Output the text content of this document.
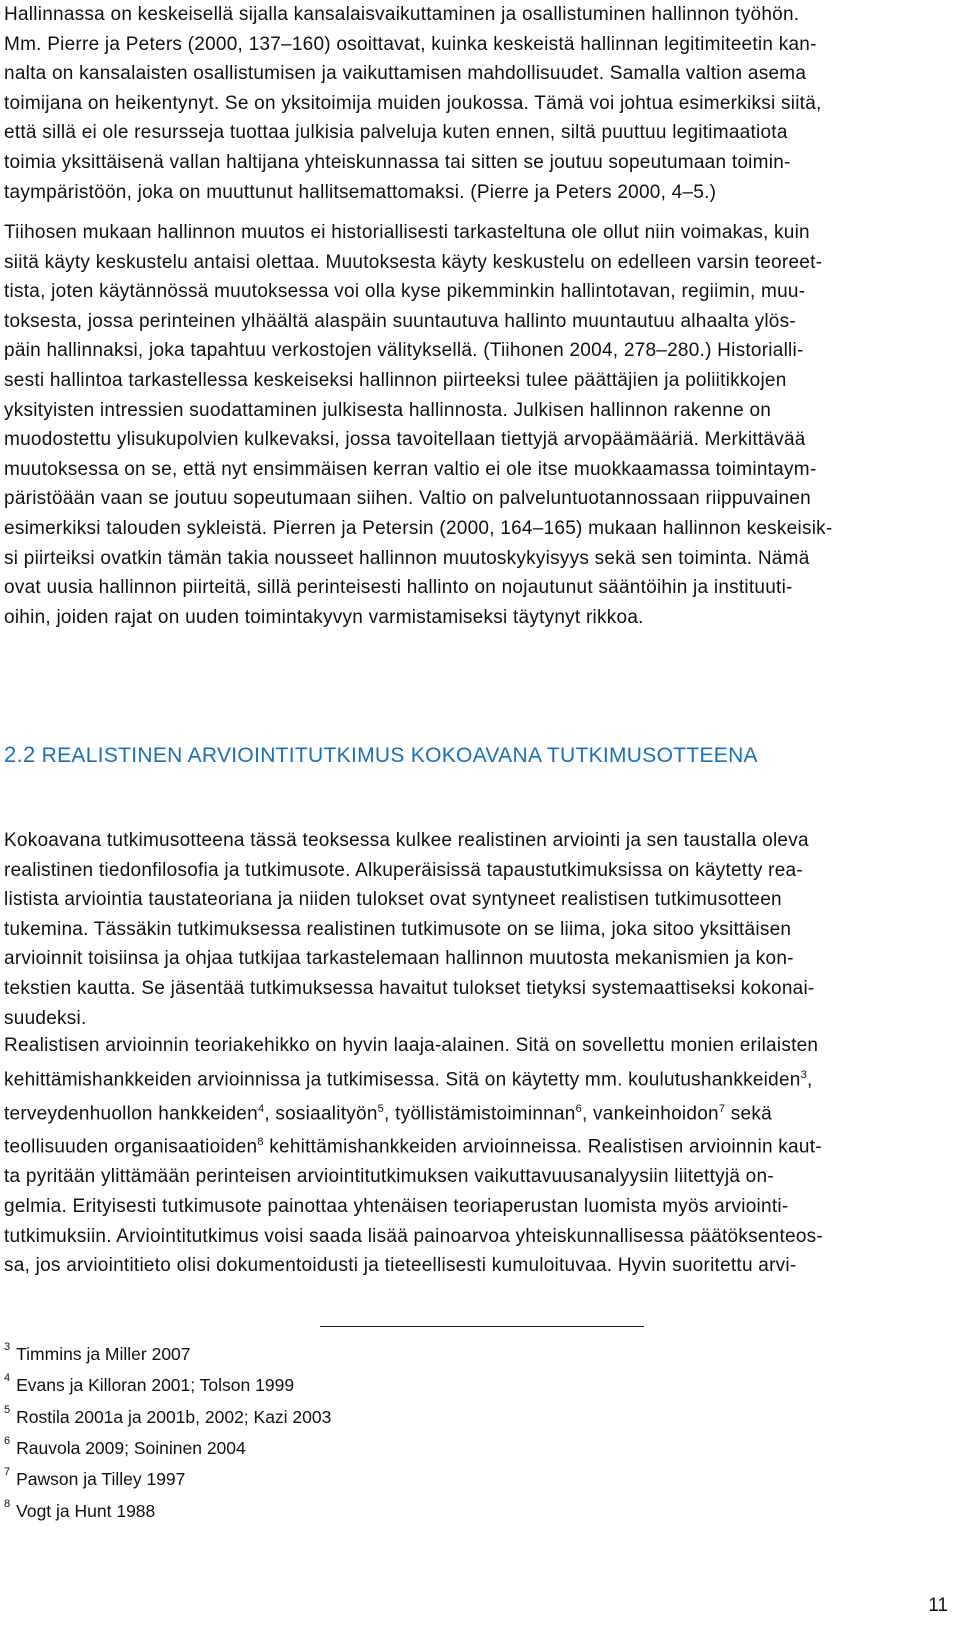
Hallinnassa on keskeisellä sijalla kansalaisvaikuttaminen ja osallistuminen hallinnon työhön.
Mm. Pierre ja Peters (2000, 137–160) osoittavat, kuinka keskeistä hallinnan legitimiteetin kan-
nalta on kansalaisten osallistumisen ja vaikuttamisen mahdollisuudet. Samalla valtion asema
toimijana on heikentynyt. Se on yksitoimija muiden joukossa. Tämä voi johtua esimerkiksi siitä,
että sillä ei ole resursseja tuottaa julkisia palveluja kuten ennen, siltä puuttuu legitimaatiota
toimia yksittäisenä vallan haltijana yhteiskunnassa tai sitten se joutuu sopeutumaan toimin-
taympäristöön, joka on muuttunut hallitsemattomaksi. (Pierre ja Peters 2000, 4–5.)
Tiihosen mukaan hallinnon muutos ei historiallisesti tarkasteltuna ole ollut niin voimakas, kuin
siitä käyty keskustelu antaisi olettaa. Muutoksesta käyty keskustelu on edelleen varsin teoreet-
tista, joten käytännössä muutoksessa voi olla kyse pikemminkin hallintotavan, regiimin, muu-
toksesta, jossa perinteinen ylhäältä alaspäin suuntautuva hallinto muuntautuu alhaalta ylös-
päin hallinnaksi, joka tapahtuu verkostojen välityksellä. (Tiihonen 2004, 278–280.) Historialli-
sesti hallintoa tarkastellessa keskeiseksi hallinnon piirteeksi tulee päättäjien ja poliitikkojen
yksityisten intressien suodattaminen julkisesta hallinnosta. Julkisen hallinnon rakenne on
muodostettu ylisukupolvien kulkevaksi, jossa tavoitellaan tiettyjä arvopäämääriä. Merkittävää
muutoksessa on se, että nyt ensimmäisen kerran valtio ei ole itse muokkaamassa toimintaym-
päristöään vaan se joutuu sopeutumaan siihen. Valtio on palveluntuotannossaan riippuvainen
esimerkiksi talouden sykleistä. Pierren ja Petersin (2000, 164–165) mukaan hallinnon keskeisik-
si piirteiksi ovatkin tämän takia nousseet hallinnon muutoskykyisyys sekä sen toiminta. Nämä
ovat uusia hallinnon piirteitä, sillä perinteisesti hallinto on nojautunut sääntöihin ja instituuti-
oihin, joiden rajat on uuden toimintakyvyn varmistamiseksi täytynyt rikkoa.
2.2 REALISTINEN ARVIOINTITUTKIMUS KOKOAVANA TUTKIMUSOTTEENA
Kokoavana tutkimusotteena tässä teoksessa kulkee realistinen arviointi ja sen taustalla oleva
realistinen tiedonfilosofia ja tutkimusote. Alkuperäisissä tapaustutkimuksissa on käytetty rea-
listista arviointia taustateoriana ja niiden tulokset ovat syntyneet realistisen tutkimusotteen
tukemina. Tässäkin tutkimuksessa realistinen tutkimusote on se liima, joka sitoo yksittäisen
arvioinnit toisiinsa ja ohjaa tutkijaa tarkastelemaan hallinnon muutosta mekanismien ja kon-
tekstien kautta. Se jäsentää tutkimuksessa havaitut tulokset tietyksi systemaattiseksi kokonai-
suudeksi.
Realistisen arvioinnin teoriakehikko on hyvin laaja-alainen. Sitä on sovellettu monien erilaisten
kehittämishankkeiden arvioinnissa ja tutkimisessa. Sitä on käytetty mm. koulutushankkeiden$^3$,
terveydenhuollon hankkeiden$^4$, sosiaalityön$^5$, työllistämistoiminnan$^6$, vankeinhoidon$^7$ sekä
teollisuuden organisaatioiden$^8$ kehittämishankkeiden arvioinneissa. Realistisen arvioinnin kaut-
ta pyritään ylittämään perinteisen arviointitutkimuksen vaikuttavuusanalyysiin liitettyjä on-
gelmia. Erityisesti tutkimusote painottaa yhtenäisen teoriaperustan luomista myös arviointi-
tutkimuksiin. Arviointitutkimus voisi saada lisää painoarvoa yhteiskunnallisessa päätöksenteos-
sa, jos arviointitieto olisi dokumentoidusti ja tieteellisesti kumuloituvaa. Hyvin suoritettu arvi-
$^3$ Timmins ja Miller 2007
$^4$ Evans ja Killoran 2001; Tolson 1999
$^5$ Rostila 2001a ja 2001b, 2002; Kazi 2003
$^6$ Rauvola 2009; Soininen 2004
$^7$ Pawson ja Tilley 1997
$^8$ Vogt ja Hunt 1988
11
